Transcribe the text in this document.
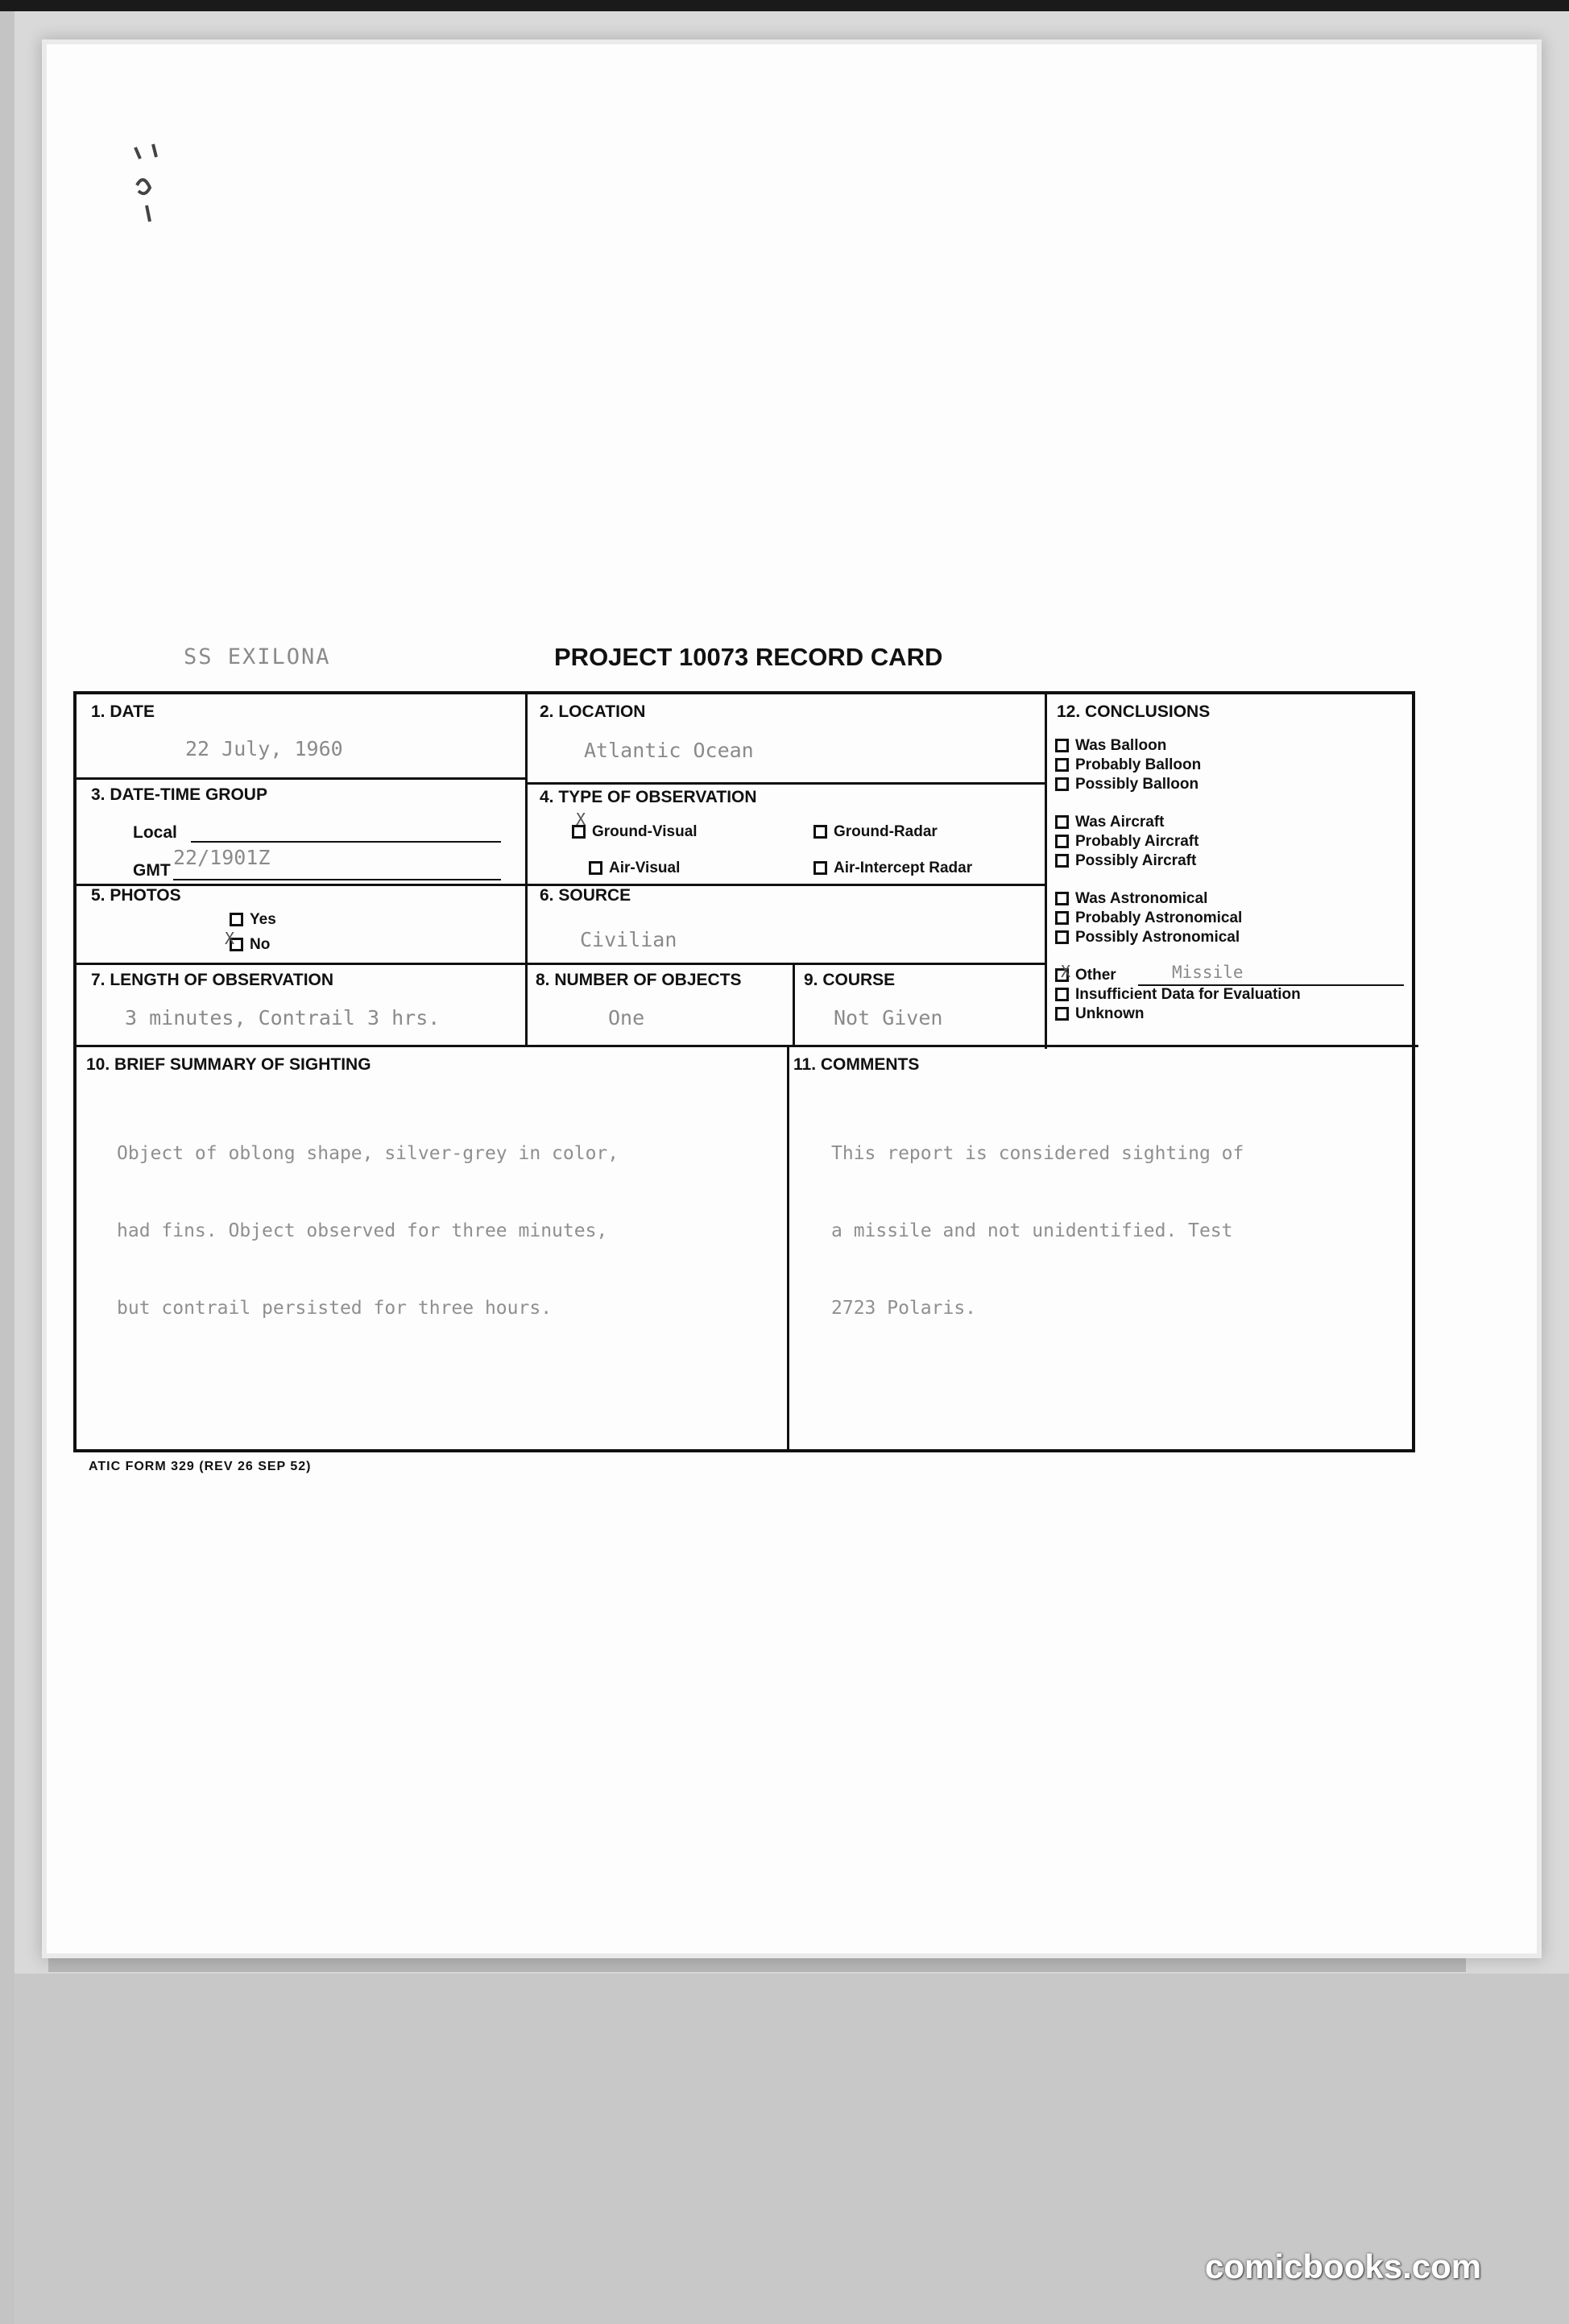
SS EXILONA	PROJECT 10073 RECORD CARD
1. DATE
22 July, 1960
2. LOCATION
Atlantic Ocean
3. DATE-TIME GROUP
Local
GMT
22/1901Z
4. TYPE OF OBSERVATION
Ground-Visual
X
Ground-Radar
Air-Visual	Air-Intercept Radar
5. PHOTOS
Yes
No
X
6. SOURCE
Civilian
7. LENGTH OF OBSERVATION
3 minutes, Contrail 3 hrs.
8. NUMBER OF OBJECTS
One
9. COURSE
Not Given
12. CONCLUSIONS
Was Balloon
Probably Balloon
Possibly Balloon
Was Aircraft
Probably Aircraft
Possibly Aircraft
Was Astronomical
Probably Astronomical
Possibly Astronomical
Other
X	Missile
Insufficient Data for Evaluation
Unknown
10. BRIEF SUMMARY OF SIGHTING

Object of oblong shape, silver-grey in color,

had fins. Object observed for three minutes,

but contrail persisted for three hours.

11. COMMENTS

This report is considered sighting of

a missile and not unidentified. Test

2723 Polaris.

ATIC FORM 329 (REV 26 SEP 52)
comicbooks.com
